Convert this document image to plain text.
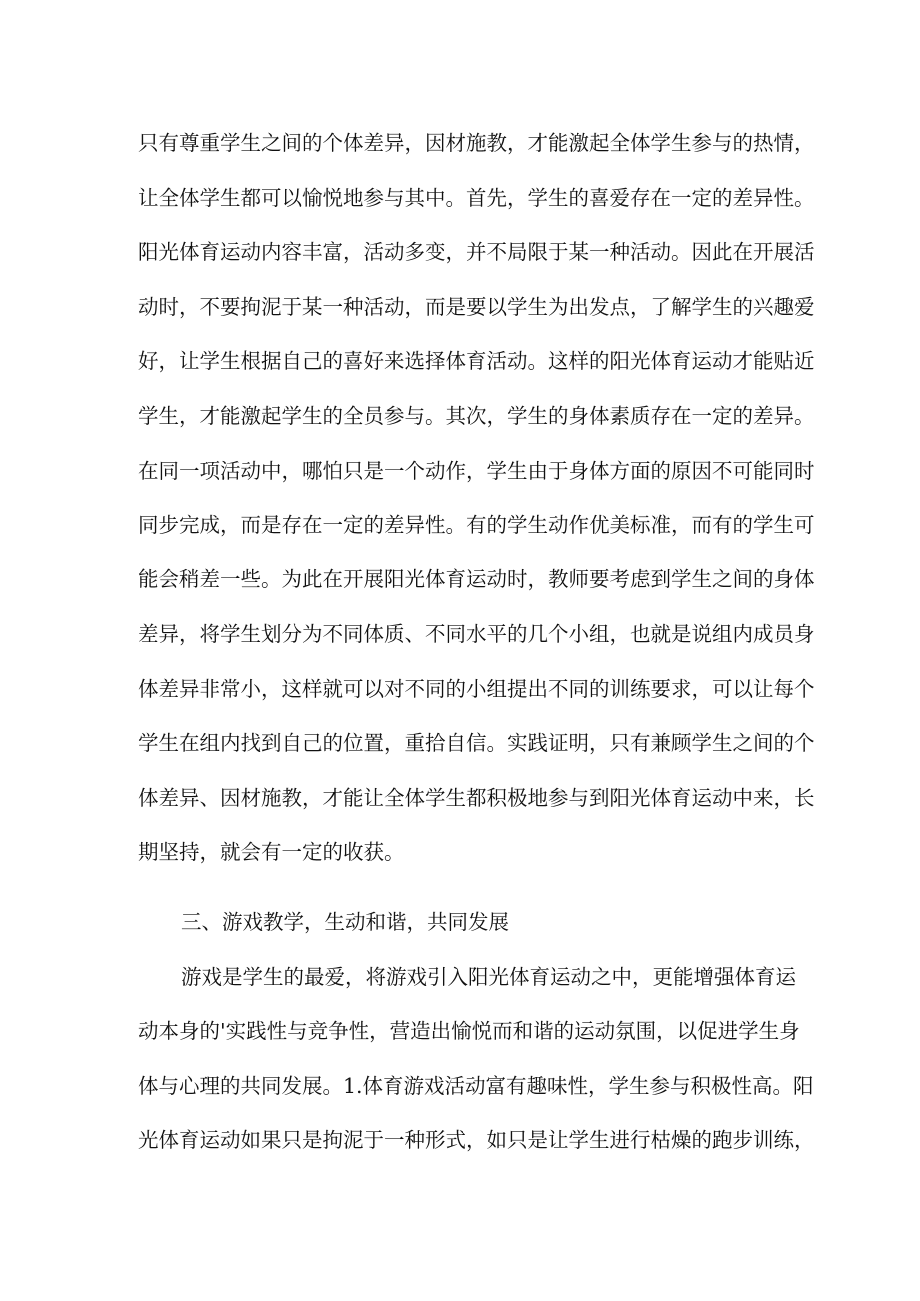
只有尊重学生之间的个体差异，因材施教，才能激起全体学生参与的热情，
让全体学生都可以愉悦地参与其中。首先，学生的喜爱存在一定的差异性。
阳光体育运动内容丰富，活动多变，并不局限于某一种活动。因此在开展活
动时，不要拘泥于某一种活动，而是要以学生为出发点，了解学生的兴趣爱
好，让学生根据自己的喜好来选择体育活动。这样的阳光体育运动才能贴近
学生，才能激起学生的全员参与。其次，学生的身体素质存在一定的差异。
在同一项活动中，哪怕只是一个动作，学生由于身体方面的原因不可能同时
同步完成，而是存在一定的差异性。有的学生动作优美标准，而有的学生可
能会稍差一些。为此在开展阳光体育运动时，教师要考虑到学生之间的身体
差异，将学生划分为不同体质、不同水平的几个小组，也就是说组内成员身
体差异非常小，这样就可以对不同的小组提出不同的训练要求，可以让每个
学生在组内找到自己的位置，重拾自信。实践证明，只有兼顾学生之间的个
体差异、因材施教，才能让全体学生都积极地参与到阳光体育运动中来，长
期坚持，就会有一定的收获。
三、游戏教学，生动和谐，共同发展
游戏是学生的最爱，将游戏引入阳光体育运动之中，更能增强体育运
动本身的'实践性与竞争性，营造出愉悦而和谐的运动氛围，以促进学生身
体与心理的共同发展。1.体育游戏活动富有趣味性，学生参与积极性高。阳
光体育运动如果只是拘泥于一种形式，如只是让学生进行枯燥的跑步训练，
